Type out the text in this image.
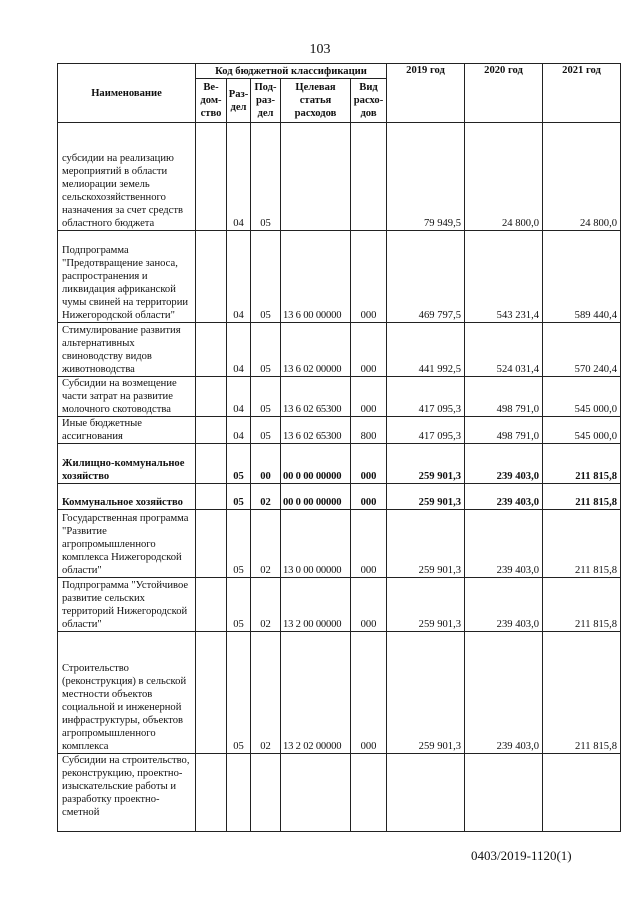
103
Наименование	Код бюджетной классификации					2019 год	2020 год	2021 год
	Ве-
дом-
ство	Раз-
дел	Под-
раз-
дел	Целевая
статья
расходов	Вид
расхо-
дов			
субсидии на реализацию мероприятий в области мелиорации земель сельскохозяйственного назначения за счет средств областного бюджета		04	05			79 949,5	24 800,0	24 800,0
Подпрограмма "Предотвращение заноса, распространения и ликвидация африканской чумы свиней на территории Нижегородской области"		04	05	13 6 00 00000	000	469 797,5	543 231,4	589 440,4
Стимулирование развития альтернативных свиноводству видов животноводства		04	05	13 6 02 00000	000	441 992,5	524 031,4	570 240,4
Субсидии на возмещение части затрат на развитие молочного скотоводства		04	05	13 6 02 65300	000	417 095,3	498 791,0	545 000,0
Иные бюджетные ассигнования		04	05	13 6 02 65300	800	417 095,3	498 791,0	545 000,0
Жилищно-коммунальное хозяйство		05	00	00 0 00 00000	000	259 901,3	239 403,0	211 815,8
Коммунальное хозяйство		05	02	00 0 00 00000	000	259 901,3	239 403,0	211 815,8
Государственная программа "Развитие агропромышленного комплекса Нижегородской области"		05	02	13 0 00 00000	000	259 901,3	239 403,0	211 815,8
Подпрограмма "Устойчивое развитие сельских территорий Нижегородской области"		05	02	13 2 00 00000	000	259 901,3	239 403,0	211 815,8
Строительство (реконструкция) в сельской местности объектов социальной и инженерной инфраструктуры, объектов агропромышленного комплекса		05	02	13 2 02 00000	000	259 901,3	239 403,0	211 815,8
Субсидии на строительство, реконструкцию, проектно-изыскательские работы и разработку проектно-сметной								
0403/2019-1120(1)
